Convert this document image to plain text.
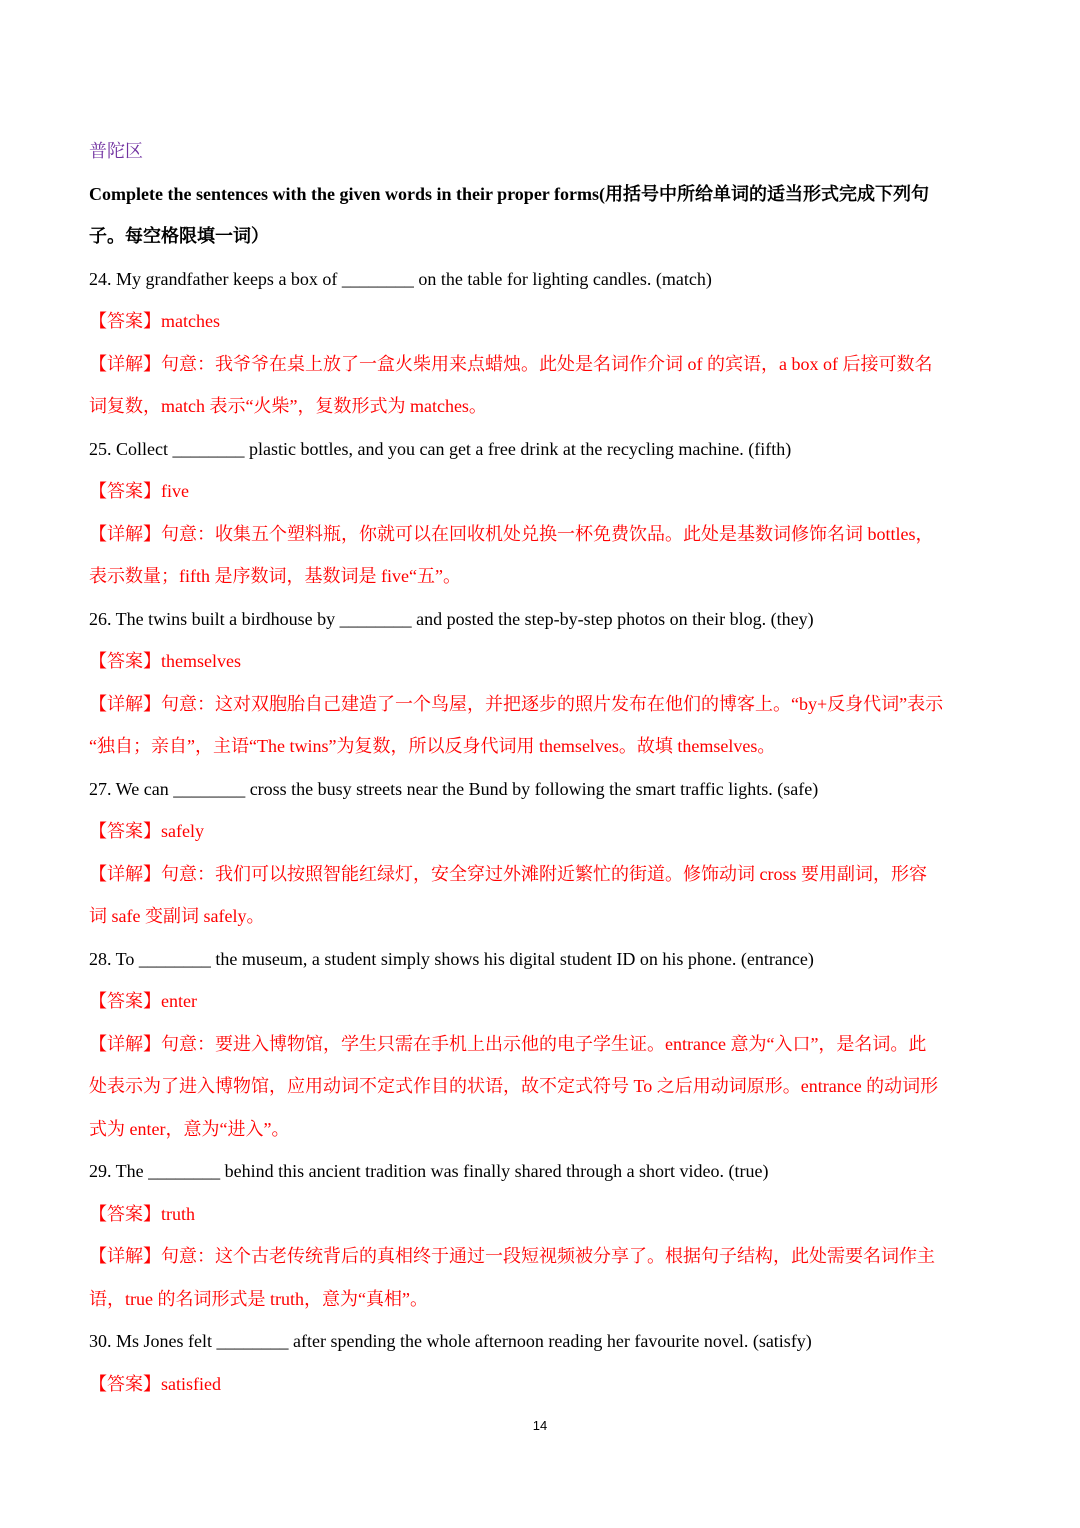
普陀区
Complete the sentences with the given words in their proper forms(用括号中所给单词的适当形式完成下列句
子。每空格限填一词）
24. My grandfather keeps a box of ________ on the table for lighting candles. (match)
【答案】matches
【详解】句意：我爷爷在桌上放了一盒火柴用来点蜡烛。此处是名词作介词 of 的宾语，a box of 后接可数名
词复数，match 表示“火柴”，复数形式为 matches。
25. Collect ________ plastic bottles, and you can get a free drink at the recycling machine. (fifth)
【答案】five
【详解】句意：收集五个塑料瓶，你就可以在回收机处兑换一杯免费饮品。此处是基数词修饰名词 bottles，
表示数量；fifth 是序数词，基数词是 five“五”。
26. The twins built a birdhouse by ________ and posted the step-by-step photos on their blog. (they)
【答案】themselves
【详解】句意：这对双胞胎自己建造了一个鸟屋，并把逐步的照片发布在他们的博客上。“by+反身代词”表示
“独自；亲自”，主语“The twins”为复数，所以反身代词用 themselves。故填 themselves。
27. We can ________ cross the busy streets near the Bund by following the smart traffic lights. (safe)
【答案】safely
【详解】句意：我们可以按照智能红绿灯，安全穿过外滩附近繁忙的街道。修饰动词 cross 要用副词，形容
词 safe 变副词 safely。
28. To ________ the museum, a student simply shows his digital student ID on his phone. (entrance)
【答案】enter
【详解】句意：要进入博物馆，学生只需在手机上出示他的电子学生证。entrance 意为“入口”，是名词。此
处表示为了进入博物馆，应用动词不定式作目的状语，故不定式符号 To 之后用动词原形。entrance 的动词形
式为 enter，意为“进入”。
29. The ________ behind this ancient tradition was finally shared through a short video. (true)
【答案】truth
【详解】句意：这个古老传统背后的真相终于通过一段短视频被分享了。根据句子结构，此处需要名词作主
语，true 的名词形式是 truth，意为“真相”。
30. Ms Jones felt ________ after spending the whole afternoon reading her favourite novel. (satisfy)
【答案】satisfied
14
